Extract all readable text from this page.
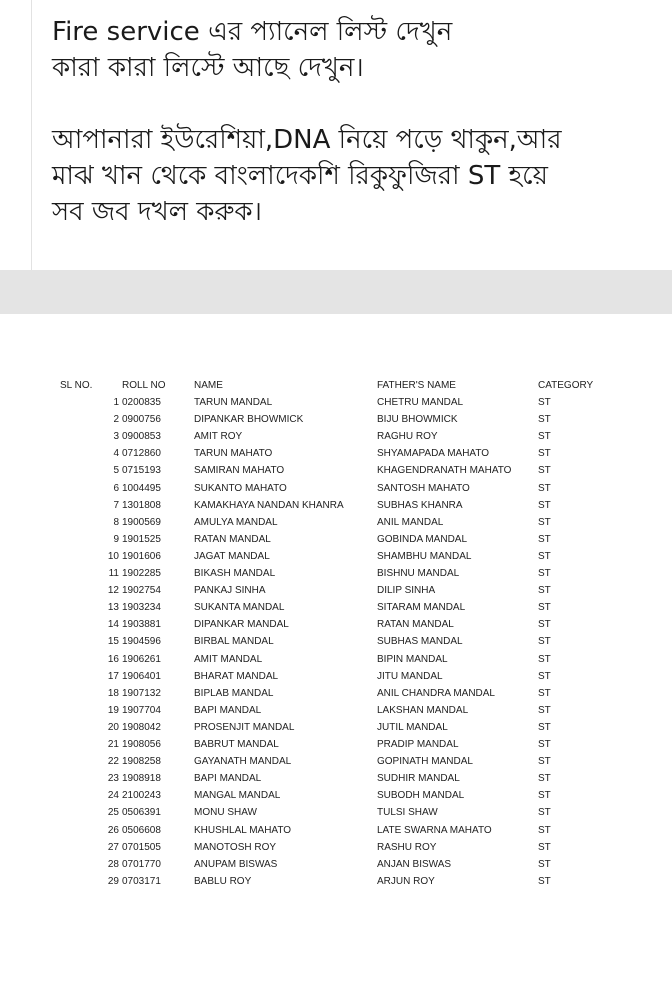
Fire service এর প্যানেল লিস্ট দেখুন
কারা কারা লিস্টে আছে দেখুন।
আপানারা ইউরেশিয়া,DNA নিয়ে পড়ে থাকুন,আর
মাঝ খান থেকে বাংলাদেকশি রিকুফুজিরা ST হয়ে
সব জব দখল করুক।
SL NO.	ROLL NO	NAME	FATHER'S NAME	CATEGORY
1 0200835	TARUN MANDAL	CHETRU MANDAL	ST
2 0900756	DIPANKAR BHOWMICK	BIJU BHOWMICK	ST
3 0900853	AMIT ROY	RAGHU ROY	ST
4 0712860	TARUN MAHATO	SHYAMAPADA MAHATO	ST
5 0715193	SAMIRAN MAHATO	KHAGENDRANATH MAHATO	ST
6 1004495	SUKANTO MAHATO	SANTOSH MAHATO	ST
7 1301808	KAMAKHAYA NANDAN KHANRA	SUBHAS KHANRA	ST
8 1900569	AMULYA MANDAL	ANIL MANDAL	ST
9 1901525	RATAN MANDAL	GOBINDA MANDAL	ST
10 1901606	JAGAT MANDAL	SHAMBHU MANDAL	ST
11 1902285	BIKASH MANDAL	BISHNU MANDAL	ST
12 1902754	PANKAJ SINHA	DILIP SINHA	ST
13 1903234	SUKANTA MANDAL	SITARAM MANDAL	ST
14 1903881	DIPANKAR MANDAL	RATAN MANDAL	ST
15 1904596	BIRBAL MANDAL	SUBHAS MANDAL	ST
16 1906261	AMIT MANDAL	BIPIN MANDAL	ST
17 1906401	BHARAT MANDAL	JITU MANDAL	ST
18 1907132	BIPLAB MANDAL	ANIL CHANDRA MANDAL	ST
19 1907704	BAPI MANDAL	LAKSHAN MANDAL	ST
20 1908042	PROSENJIT MANDAL	JUTIL MANDAL	ST
21 1908056	BABRUT MANDAL	PRADIP MANDAL	ST
22 1908258	GAYANATH MANDAL	GOPINATH MANDAL	ST
23 1908918	BAPI MANDAL	SUDHIR MANDAL	ST
24 2100243	MANGAL MANDAL	SUBODH MANDAL	ST
25 0506391	MONU SHAW	TULSI SHAW	ST
26 0506608	KHUSHLAL MAHATO	LATE SWARNA MAHATO	ST
27 0701505	MANOTOSH ROY	RASHU ROY	ST
28 0701770	ANUPAM BISWAS	ANJAN BISWAS	ST
29 0703171	BABLU ROY	ARJUN ROY	ST
